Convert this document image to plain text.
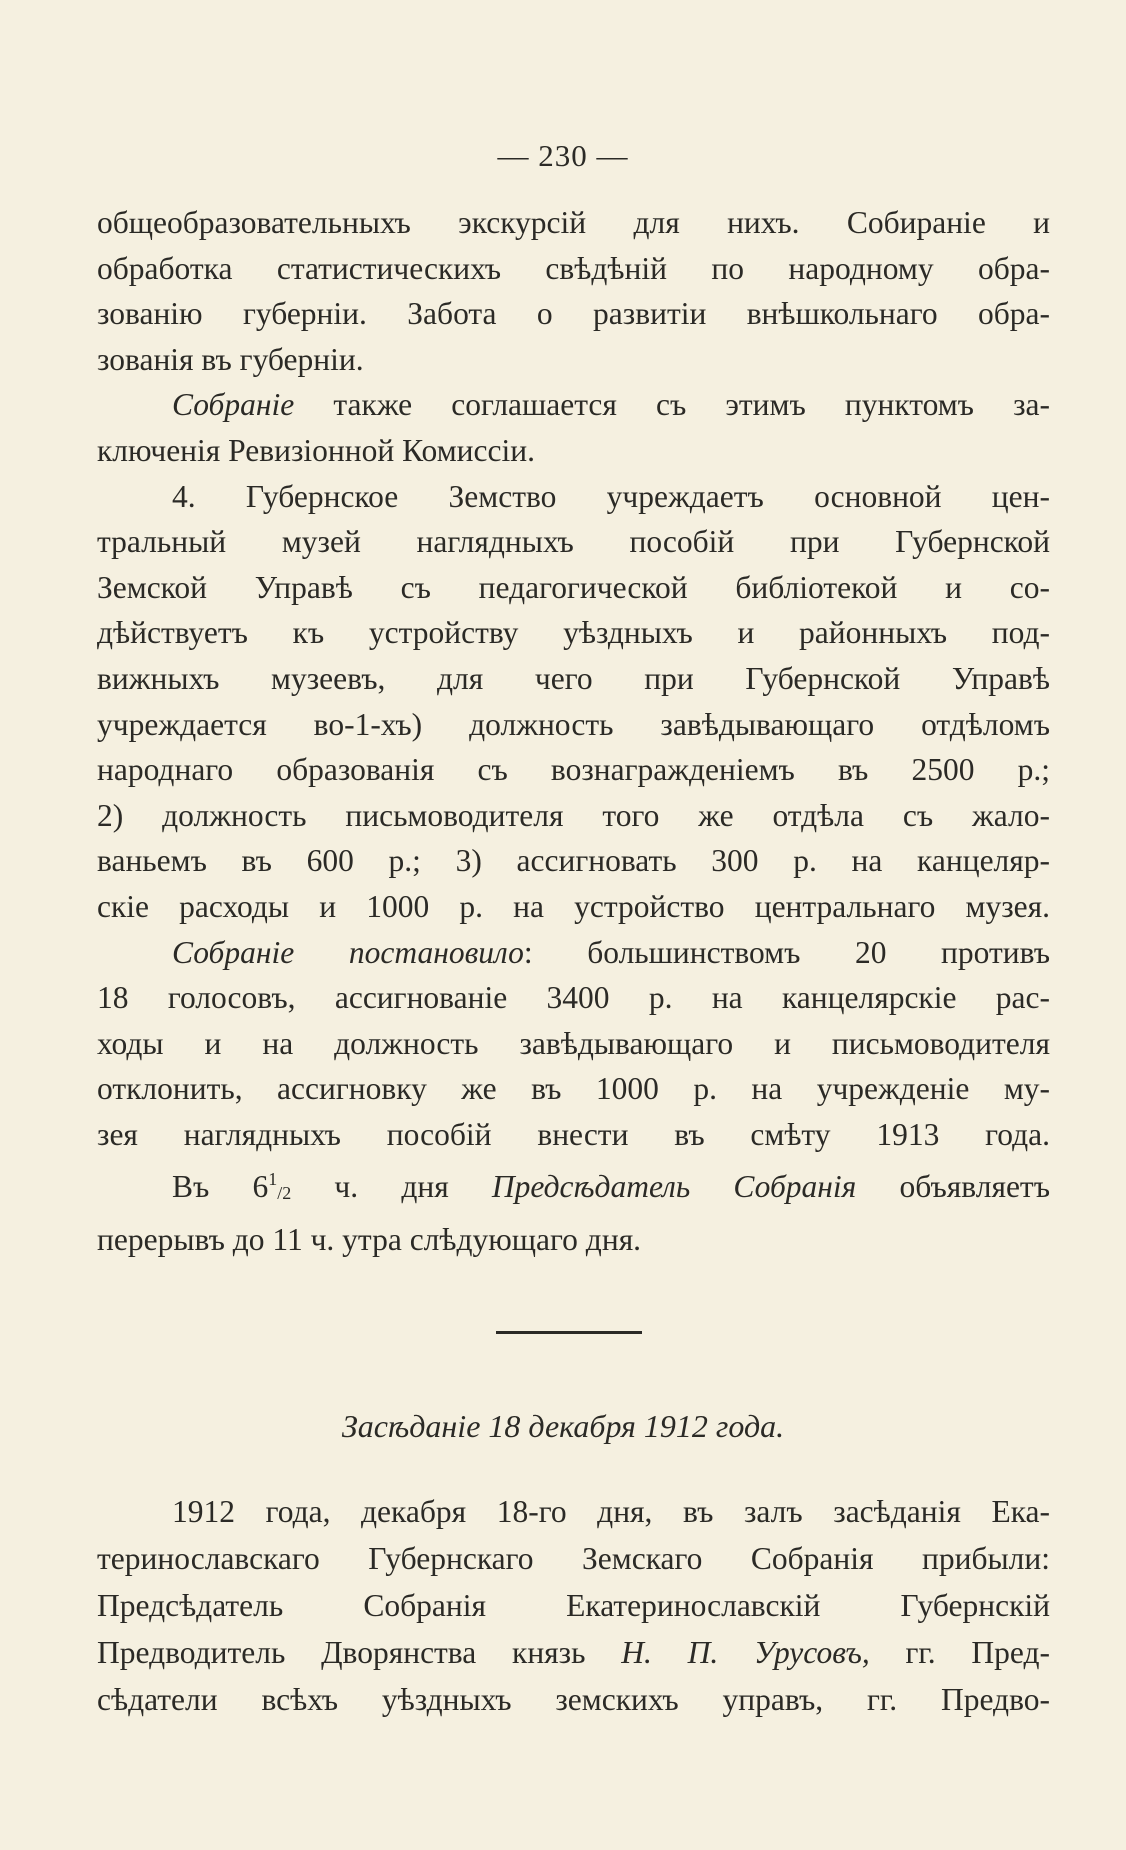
— 230 —

общеобразовательныхъ экскурсій для нихъ. Собираніе и
обработка статистическихъ свѣдѣній по народному обра-
зованію губерніи. Забота о развитіи внѣшкольнаго обра-
зованія въ губерніи.

Собраніе также соглашается съ этимъ пунктомъ за-
ключенія Ревизіонной Комиссіи.

4. Губернское Земство учреждаетъ основной цен-
тральный музей наглядныхъ пособій при Губернской
Земской Управѣ съ педагогической библіотекой и со-
дѣйствуетъ къ устройству уѣздныхъ и районныхъ под-
вижныхъ музеевъ, для чего при Губернской Управѣ
учреждается во-1-хъ) должность завѣдывающаго отдѣломъ
народнаго образованія съ вознагражденіемъ въ 2500 р.;
2) должность письмоводителя того же отдѣла съ жало-
ваньемъ въ 600 р.; 3) ассигновать 300 р. на канцеляр-
скіе расходы и 1000 р. на устройство центральнаго музея.

Собраніе постановило: большинствомъ 20 противъ
18 голосовъ, ассигнованіе 3400 р. на канцелярскіе рас-
ходы и на должность завѣдывающаго и письмоводителя
отклонить, ассигновку же въ 1000 р. на учрежденіе му-
зея наглядныхъ пособій внести въ смѣту 1913 года.

Въ $6^1_{/2}$ ч. дня Предсѣдатель Собранія объявляетъ
перерывъ до 11 ч. утра слѣдующаго дня.

Засѣданіе 18 декабря 1912 года.
1912 года, декабря 18-го дня, въ залъ засѣданія Ека-
теринославскаго Губернскаго Земскаго Собранія прибыли:
Предсѣдатель Собранія Екатеринославскій Губернскій
Предводитель Дворянства князь Н. П. Урусовъ, гг. Пред-
сѣдатели всѣхъ уѣздныхъ земскихъ управъ, гг. Предво-
